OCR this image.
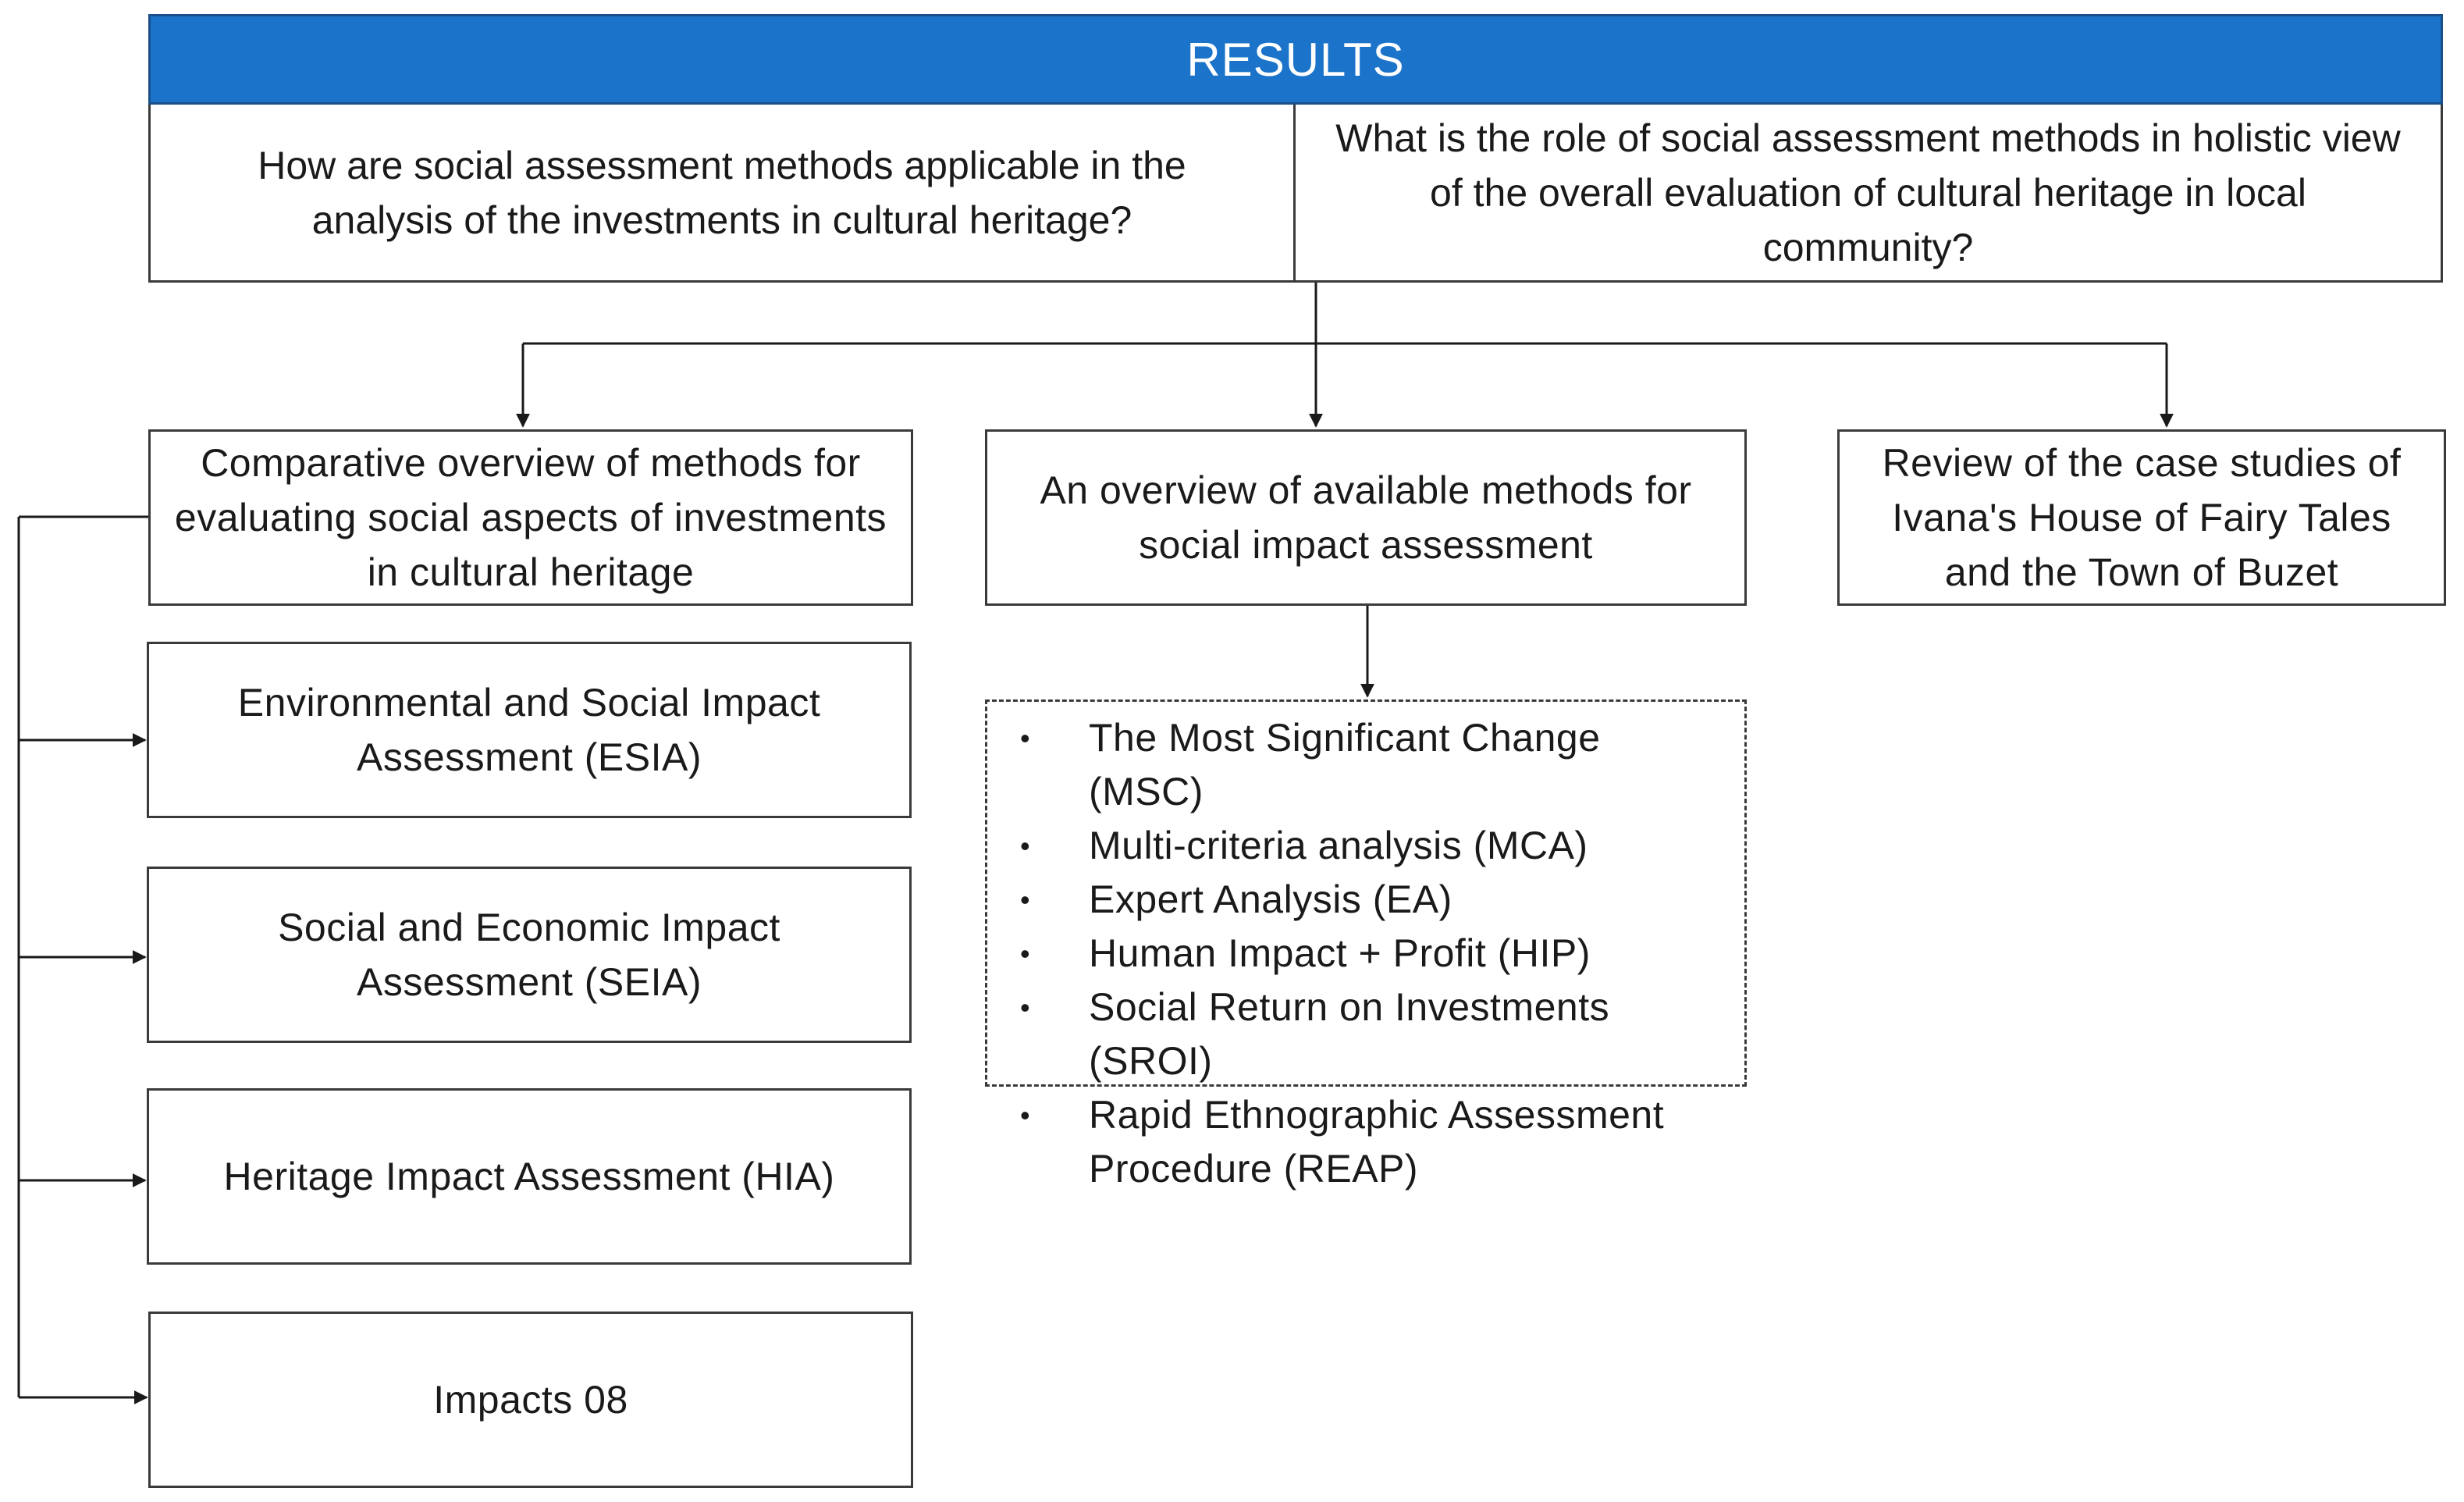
RESULTS
How are social assessment methods applicable in the analysis of the investments in cultural heritage?
What is the role of social assessment methods in holistic view of the overall evaluation of cultural heritage in local community?
Comparative overview of methods for evaluating social aspects of investments in cultural heritage
An overview of available methods for social impact assessment
Review of the case studies of Ivana's House of Fairy Tales and the Town of Buzet
Environmental and Social Impact Assessment (ESIA)
Social and Economic Impact Assessment (SEIA)
Heritage Impact Assessment (HIA)
Impacts 08
• The Most Significant Change (MSC)
• Multi-criteria analysis (MCA)
• Expert Analysis (EA)
• Human Impact + Profit (HIP)
• Social Return on Investments (SROI)
• Rapid Ethnographic Assessment Procedure (REAP)
